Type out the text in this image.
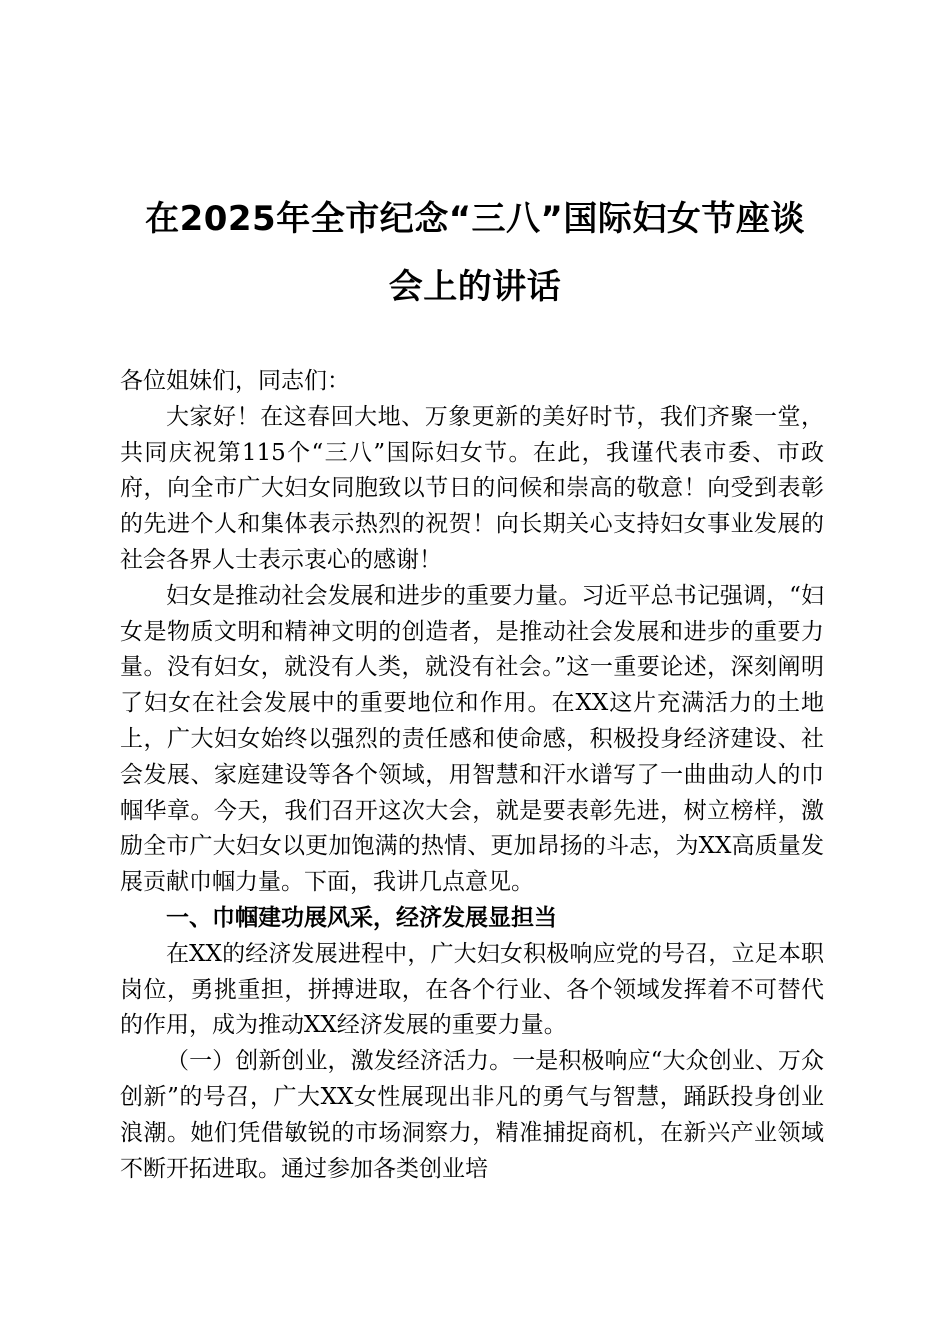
在2025年全市纪念“三八”国际妇女节座谈
会上的讲话

各位姐妹们，同志们：

大家好！在这春回大地、万象更新的美好时节，我们齐聚一堂，共同庆祝第115个“三八”国际妇女节。在此，我谨代表市委、市政府，向全市广大妇女同胞致以节日的问候和崇高的敬意！向受到表彰的先进个人和集体表示热烈的祝贺！向长期关心支持妇女事业发展的社会各界人士表示衷心的感谢！

妇女是推动社会发展和进步的重要力量。习近平总书记强调，“妇女是物质文明和精神文明的创造者，是推动社会发展和进步的重要力量。没有妇女，就没有人类，就没有社会。”这一重要论述，深刻阐明了妇女在社会发展中的重要地位和作用。在XX这片充满活力的土地上，广大妇女始终以强烈的责任感和使命感，积极投身经济建设、社会发展、家庭建设等各个领域，用智慧和汗水谱写了一曲曲动人的巾帼华章。今天，我们召开这次大会，就是要表彰先进，树立榜样，激励全市广大妇女以更加饱满的热情、更加昂扬的斗志，为XX高质量发展贡献巾帼力量。下面，我讲几点意见。

一、巾帼建功展风采，经济发展显担当

在XX的经济发展进程中，广大妇女积极响应党的号召，立足本职岗位，勇挑重担，拼搏进取，在各个行业、各个领域发挥着不可替代的作用，成为推动XX经济发展的重要力量。

（一）创新创业，激发经济活力。一是积极响应“大众创业、万众创新”的号召，广大XX女性展现出非凡的勇气与智慧，踊跃投身创业浪潮。她们凭借敏锐的市场洞察力，精准捕捉商机，在新兴产业领域不断开拓进取。通过参加各类创业培
